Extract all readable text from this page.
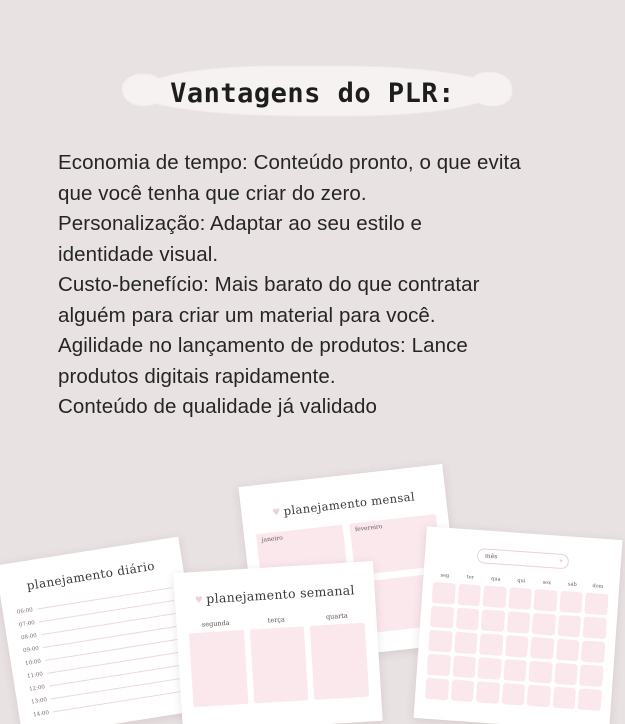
Vantagens do PLR:

Economia de tempo: Conteúdo pronto, o que evita

que você tenha que criar do zero.

Personalização: Adaptar ao seu estilo e

identidade visual.

Custo-benefício: Mais barato do que contratar

alguém para criar um material para você.

Agilidade no lançamento de produtos: Lance

produtos digitais rapidamente.

Conteúdo de qualidade já validado

♥ planejamento mensal
janeiro
fevereiro
planejamento diário
06:00
07:00
08:00
09:00
10:00
11:00
12:00
13:00
14:00
♥ planejamento semanal
segunda	terça	quarta
mês
♥
seg	ter	qua	qui	sex	sáb	dom
